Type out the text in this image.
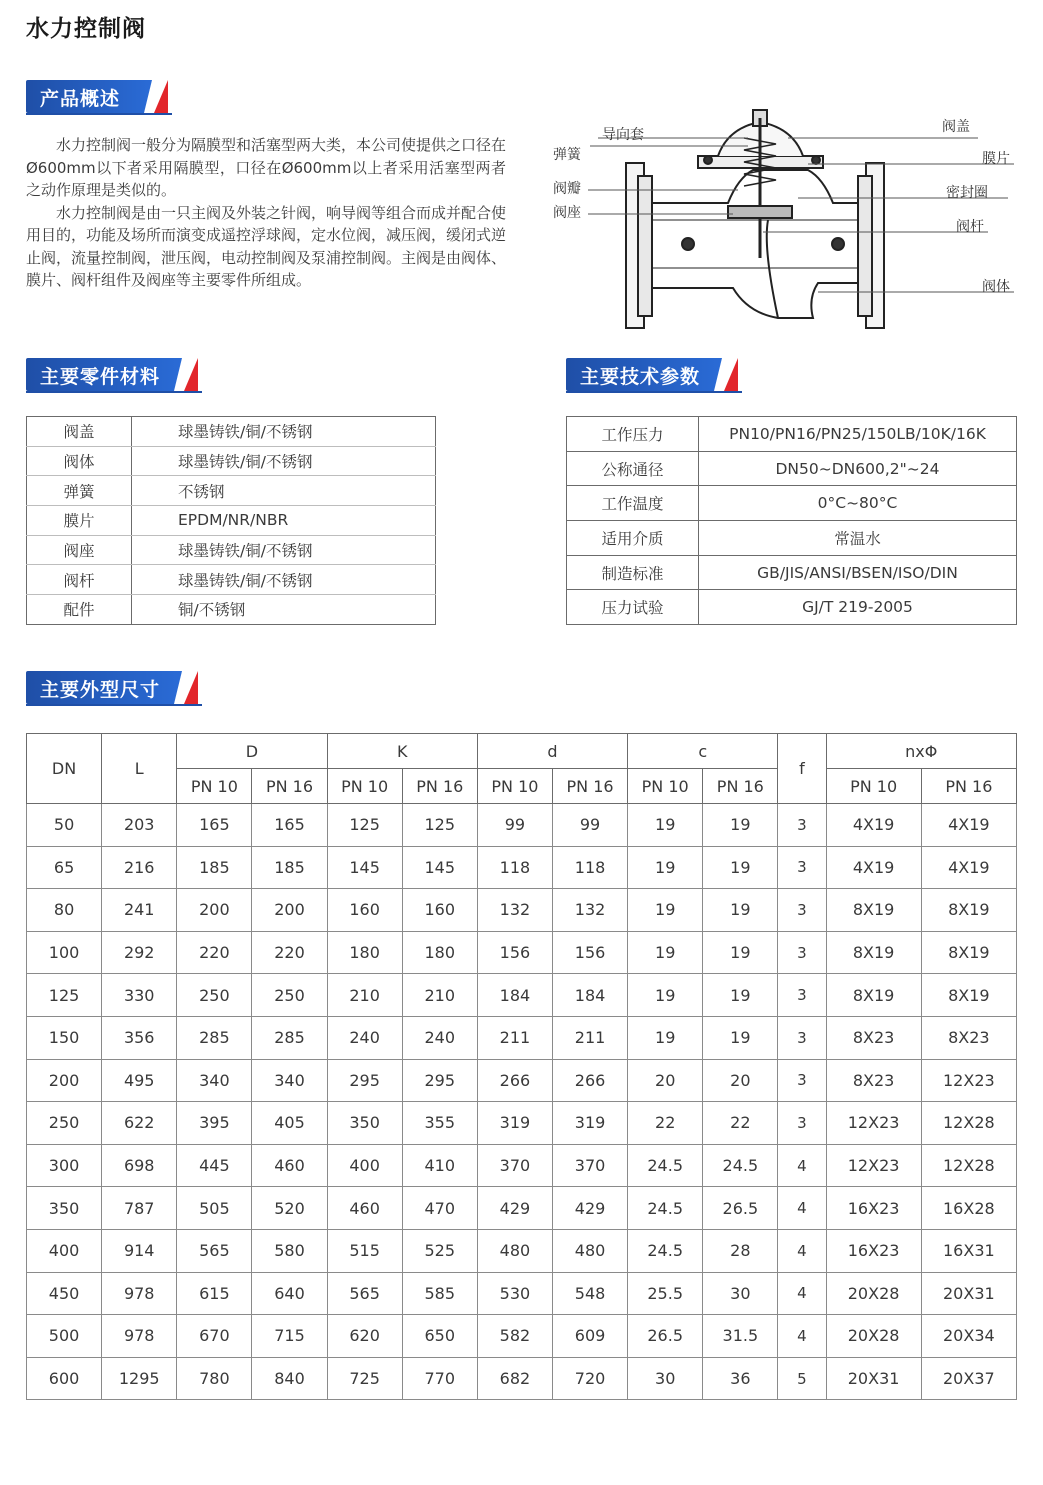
水力控制阀
产品概述

水力控制阀一般分为隔膜型和活塞型两大类，本公司使提供之口径在Ø600mm以下者采用隔膜型，口径在Ø600mm以上者采用活塞型两者之动作原理是类似的。

水力控制阀是由一只主阀及外装之针阀，响导阀等组合而成并配合使用目的，功能及场所而演变成遥控浮球阀，定水位阀，减压阀，缓闭式逆止阀，流量控制阀，泄压阀，电动控制阀及泵浦控制阀。主阀是由阀体、膜片、阀杆组件及阀座等主要零件所组成。

导向套
弹簧
阀瓣
阀座
阀盖
膜片
密封圈
阀杆
阀体
主要零件材料
阀盖	球墨铸铁/铜/不锈钢
阀体	球墨铸铁/铜/不锈钢
弹簧	不锈钢
膜片	EPDM/NR/NBR
阀座	球墨铸铁/铜/不锈钢
阀杆	球墨铸铁/铜/不锈钢
配件	铜/不锈钢
主要技术参数
工作压力	PN10/PN16/PN25/150LB/10K/16K
公称通径	DN50~DN600,2"~24
工作温度	0°C~80°C
适用介质	常温水
制造标准	GB/JIS/ANSI/BSEN/ISO/DIN
压力试验	GJ/T 219-2005
主要外型尺寸
DN	L	D		K		d		c		f	nxΦ	
		PN 10	PN 16	PN 10	PN 16	PN 10	PN 16	PN 10	PN 16		PN 10	PN 16
50	203	165	165	125	125	99	99	19	19	3	4X19	4X19
65	216	185	185	145	145	118	118	19	19	3	4X19	4X19
80	241	200	200	160	160	132	132	19	19	3	8X19	8X19
100	292	220	220	180	180	156	156	19	19	3	8X19	8X19
125	330	250	250	210	210	184	184	19	19	3	8X19	8X19
150	356	285	285	240	240	211	211	19	19	3	8X23	8X23
200	495	340	340	295	295	266	266	20	20	3	8X23	12X23
250	622	395	405	350	355	319	319	22	22	3	12X23	12X28
300	698	445	460	400	410	370	370	24.5	24.5	4	12X23	12X28
350	787	505	520	460	470	429	429	24.5	26.5	4	16X23	16X28
400	914	565	580	515	525	480	480	24.5	28	4	16X23	16X31
450	978	615	640	565	585	530	548	25.5	30	4	20X28	20X31
500	978	670	715	620	650	582	609	26.5	31.5	4	20X28	20X34
600	1295	780	840	725	770	682	720	30	36	5	20X31	20X37
